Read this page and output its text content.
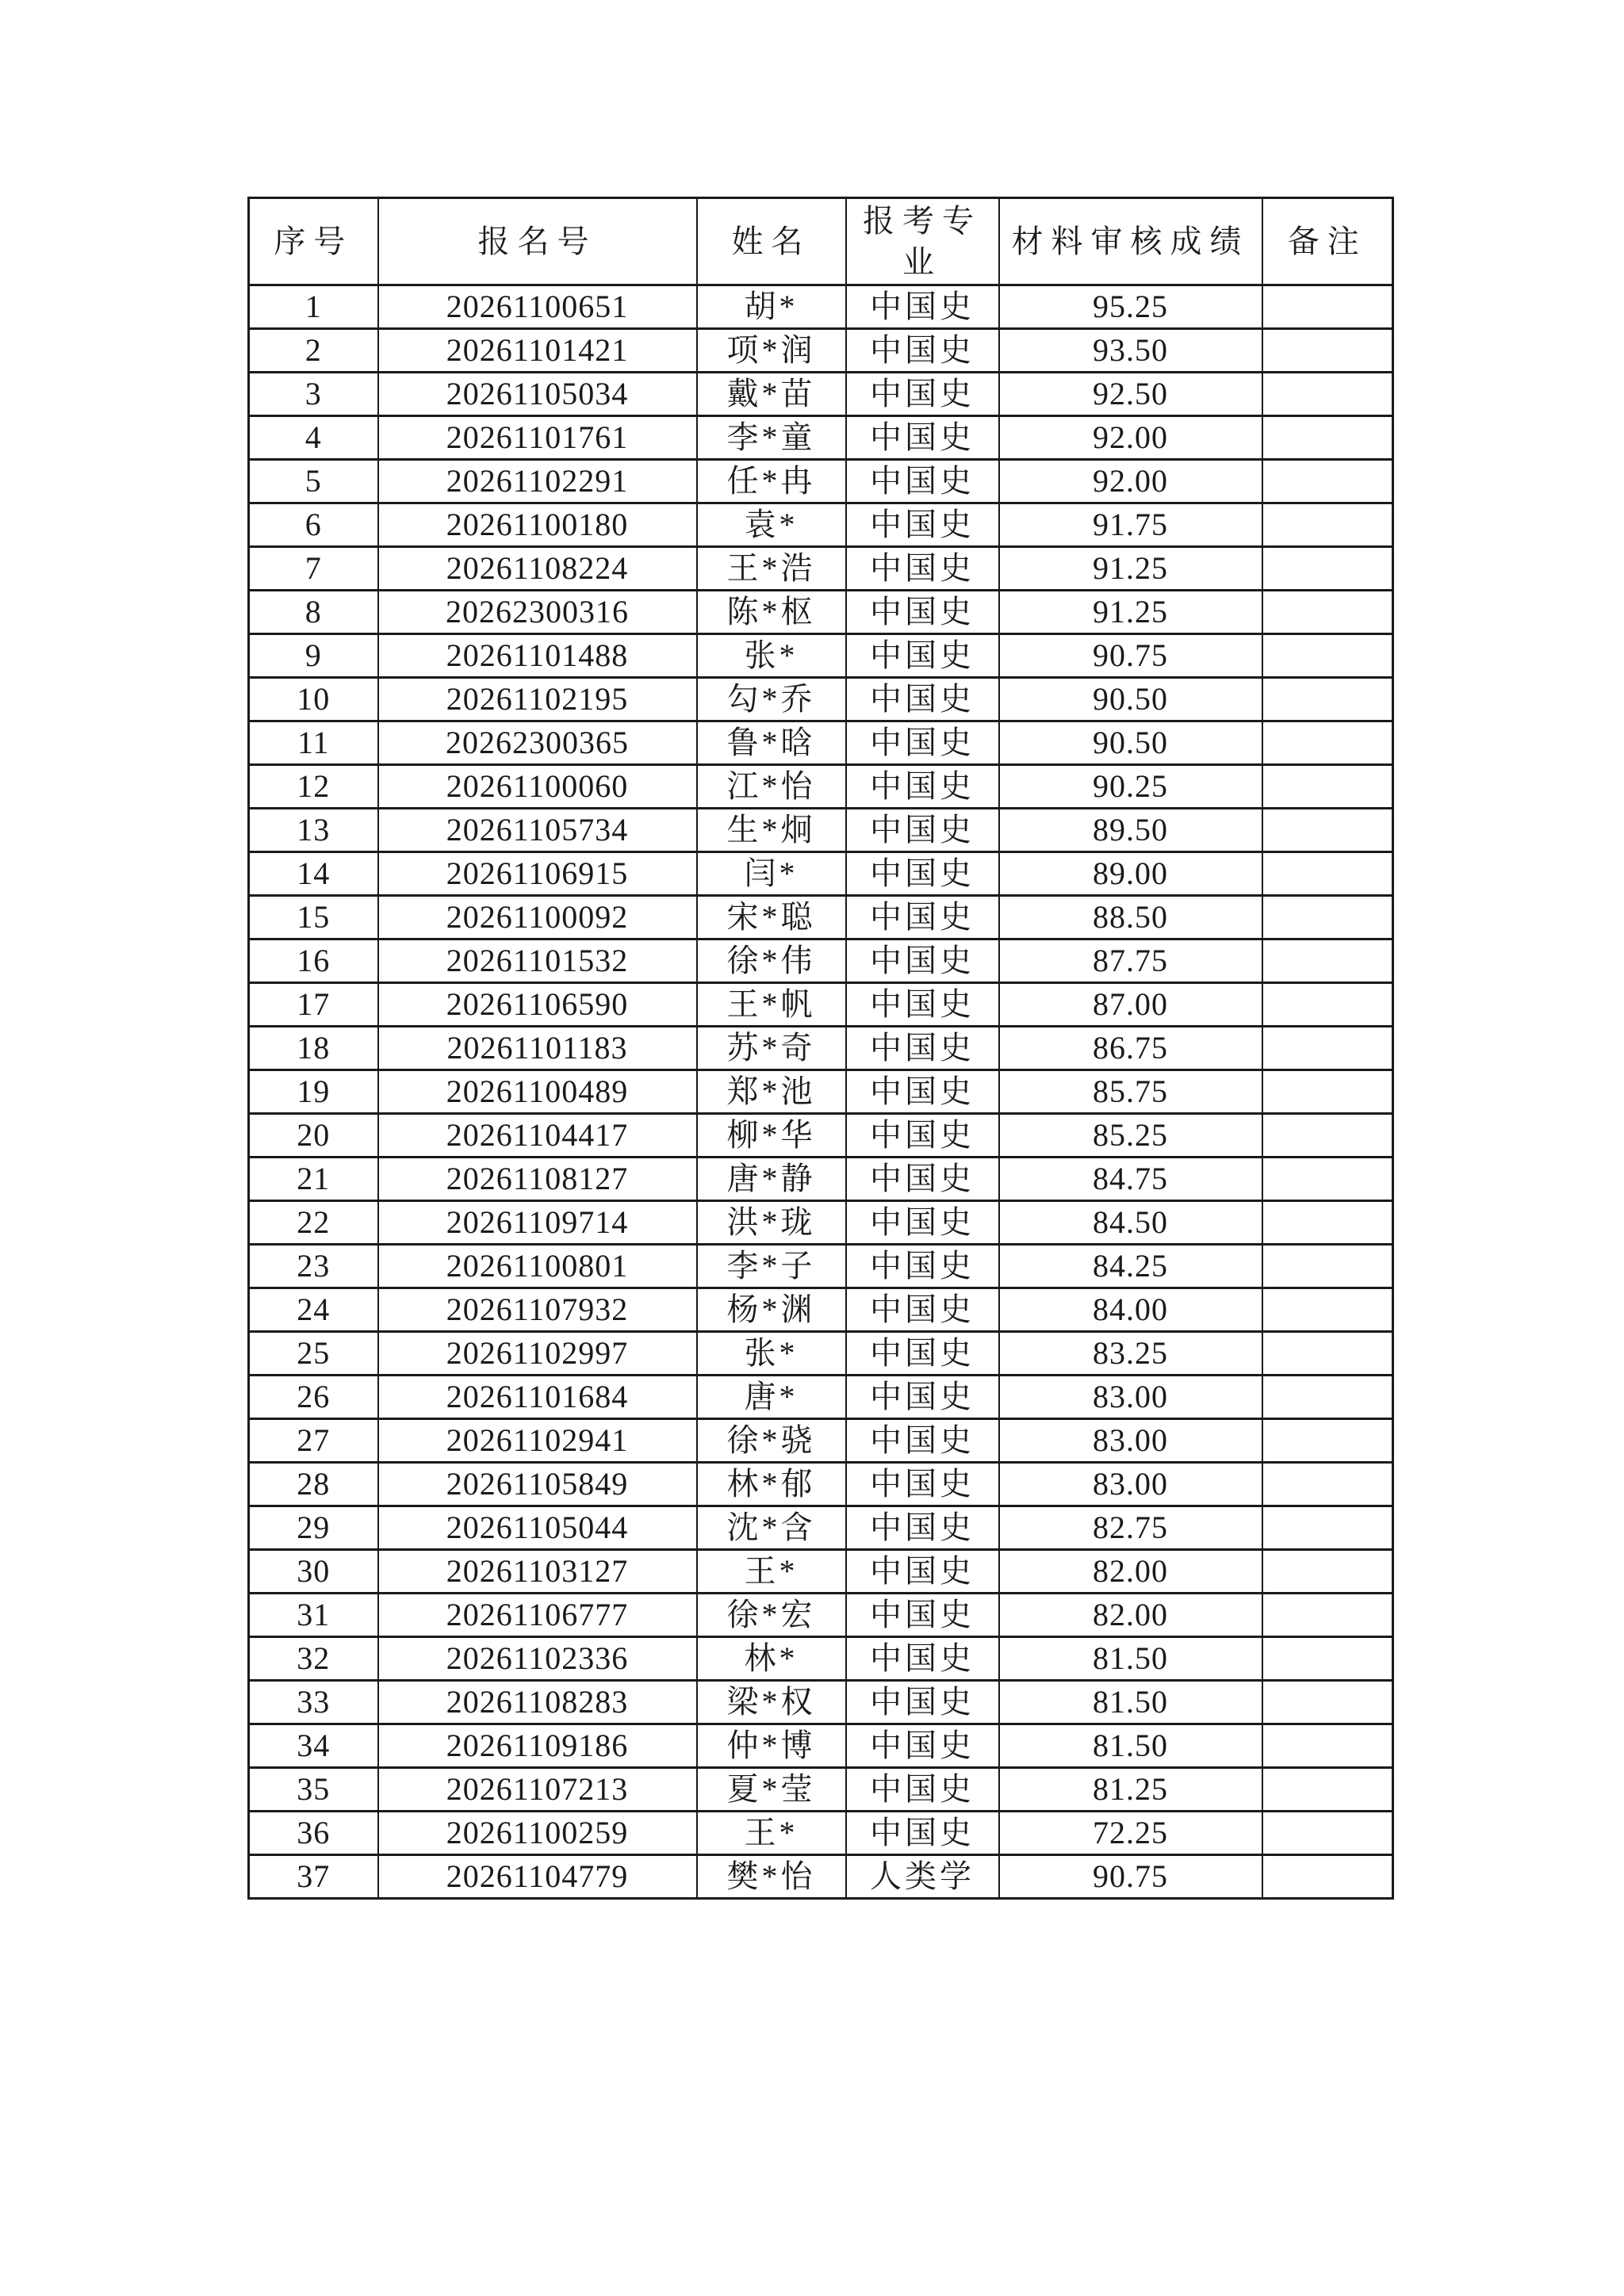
序号	报名号	姓名	报考专业	材料审核成绩	备注
1	20261100651	胡*	中国史	95.25	
2	20261101421	项*润	中国史	93.50	
3	20261105034	戴*苗	中国史	92.50	
4	20261101761	李*童	中国史	92.00	
5	20261102291	任*冉	中国史	92.00	
6	20261100180	袁*	中国史	91.75	
7	20261108224	王*浩	中国史	91.25	
8	20262300316	陈*枢	中国史	91.25	
9	20261101488	张*	中国史	90.75	
10	20261102195	勾*乔	中国史	90.50	
11	20262300365	鲁*晗	中国史	90.50	
12	20261100060	江*怡	中国史	90.25	
13	20261105734	生*炯	中国史	89.50	
14	20261106915	闫*	中国史	89.00	
15	20261100092	宋*聪	中国史	88.50	
16	20261101532	徐*伟	中国史	87.75	
17	20261106590	王*帆	中国史	87.00	
18	20261101183	苏*奇	中国史	86.75	
19	20261100489	郑*池	中国史	85.75	
20	20261104417	柳*华	中国史	85.25	
21	20261108127	唐*静	中国史	84.75	
22	20261109714	洪*珑	中国史	84.50	
23	20261100801	李*子	中国史	84.25	
24	20261107932	杨*渊	中国史	84.00	
25	20261102997	张*	中国史	83.25	
26	20261101684	唐*	中国史	83.00	
27	20261102941	徐*骁	中国史	83.00	
28	20261105849	林*郁	中国史	83.00	
29	20261105044	沈*含	中国史	82.75	
30	20261103127	王*	中国史	82.00	
31	20261106777	徐*宏	中国史	82.00	
32	20261102336	林*	中国史	81.50	
33	20261108283	梁*权	中国史	81.50	
34	20261109186	仲*博	中国史	81.50	
35	20261107213	夏*莹	中国史	81.25	
36	20261100259	王*	中国史	72.25	
37	20261104779	樊*怡	人类学	90.75	
